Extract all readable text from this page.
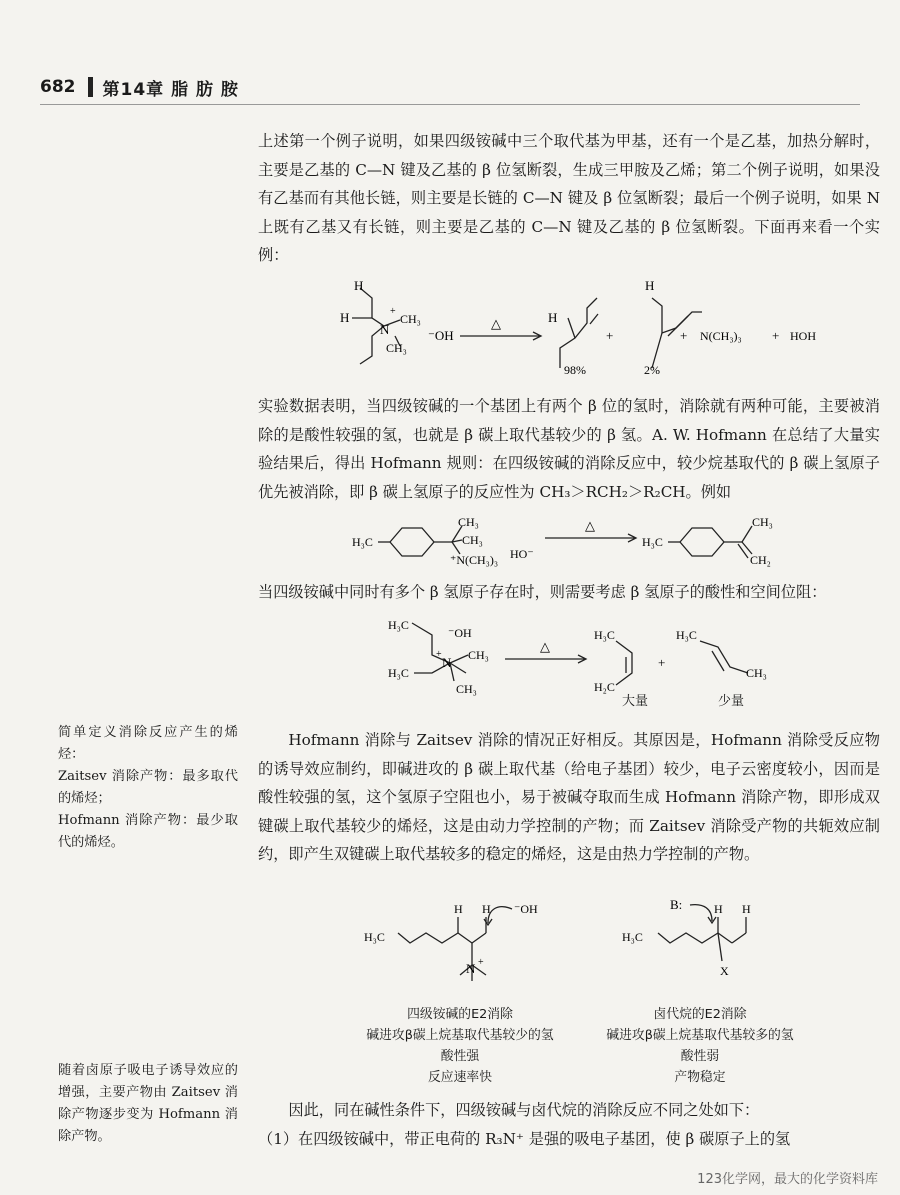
682 第14章 脂 肪 胺

上述第一个例子说明，如果四级铵碱中三个取代基为甲基，还有一个是乙基，加热分解时，主要是乙基的 C—N 键及乙基的 β 位氢断裂，生成三甲胺及乙烯；第二个例子说明，如果没有乙基而有其他长链，则主要是长链的 C—N 键及 β 位氢断裂；最后一个例子说明，如果 N 上既有乙基又有长链，则主要是乙基的 C—N 键及乙基的 β 位氢断裂。下面再来看一个实例：

H
H	CH₃
N
+
CH₃
⁻OH
△	H
H
+	+ N(CH₃)₃ + HOH
98%	2%

实验数据表明，当四级铵碱的一个基团上有两个 β 位的氢时，消除就有两种可能，主要被消除的是酸性较强的氢，也就是 β 碳上取代基较少的 β 氢。A. W. Hofmann 在总结了大量实验结果后，得出 Hofmann 规则：在四级铵碱的消除反应中，较少烷基取代的 β 碳上氢原子优先被消除，即 β 碳上氢原子的反应性为 CH₃＞RCH₂＞R₂CH。例如

H₃C
CH₃
CH₃
⁺N(CH₃)₃ HO⁻
△
H₃C
CH₃
CH₂

当四级铵碱中同时有多个 β 氢原子存在时，则需要考虑 β 氢原子的酸性和空间位阻：

H₃C
⁻OH
H₃C
N
+ CH₃
CH₃
△
H₃C
H₂C
+
H₃C
CH₃
大量	少量

简单定义消除反应产生的烯烃：

Zaitsev 消除产物：最多取代的烯烃；

Hofmann 消除产物：最少取代的烯烃。

Hofmann 消除与 Zaitsev 消除的情况正好相反。其原因是，Hofmann 消除受反应物的诱导效应制约，即碱进攻的 β 碳上取代基（给电子基团）较少，电子云密度较小，因而是酸性较强的氢，这个氢原子空阻也小，易于被碱夺取而生成 Hofmann 消除产物，即形成双键碳上取代基较少的烯烃，这是由动力学控制的产物；而 Zaitsev 消除受产物的共轭效应制约，即产生双键碳上取代基较多的稳定的烯烃，这是由热力学控制的产物。

H₃C
H H ⁻OH
N +
B:
H₃C
H H
X
四级铵碱的E2消除
碱进攻β碳上烷基取代基较少的氢
酸性强
反应速率快
卤代烷的E2消除
碱进攻β碳上烷基取代基较多的氢
酸性弱
产物稳定

随着卤原子吸电子诱导效应的增强，主要产物由 Zaitsev 消除产物逐步变为 Hofmann 消除产物。

因此，同在碱性条件下，四级铵碱与卤代烷的消除反应不同之处如下：

（1）在四级铵碱中，带正电荷的 R₃N⁺ 是强的吸电子基团，使 β 碳原子上的氢

123化学网，最大的化学资料库
